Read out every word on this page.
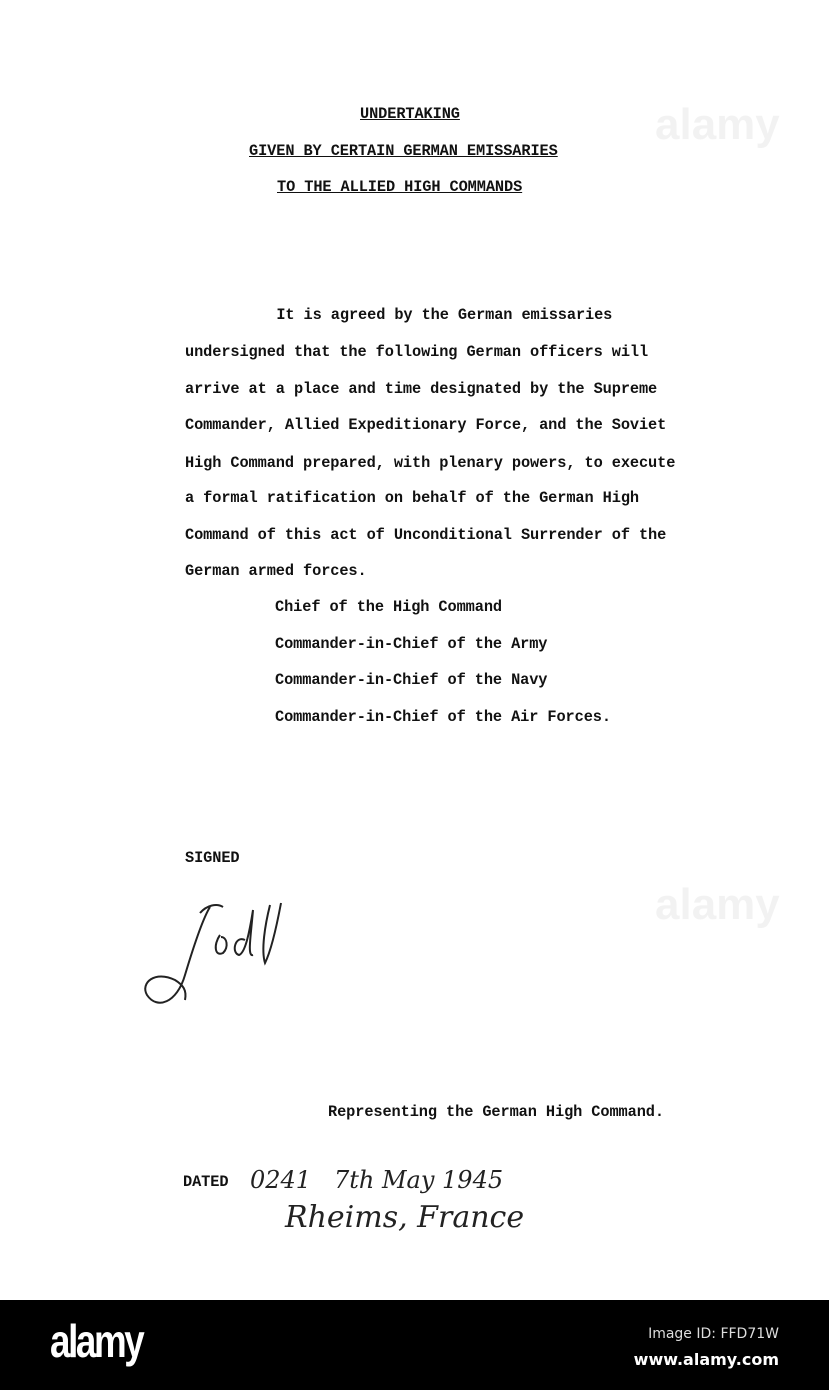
alamy
alamy
UNDERTAKING
GIVEN BY CERTAIN GERMAN EMISSARIES
TO THE ALLIED HIGH COMMANDS
It is agreed by the German emissaries
undersigned that the following German officers will
arrive at a place and time designated by the Supreme
Commander, Allied Expeditionary Force, and the Soviet
High Command prepared, with plenary powers, to execute
a formal ratification on behalf of the German High
Command of this act of Unconditional Surrender of the
German armed forces.
Chief of the High Command
Commander-in-Chief of the Army
Commander-in-Chief of the Navy
Commander-in-Chief of the Air Forces.
SIGNED
Representing the German High Command.
DATED 0241   7th May 1945
Rheims, France
alamy	Image ID: FFD71W
www.alamy.com
